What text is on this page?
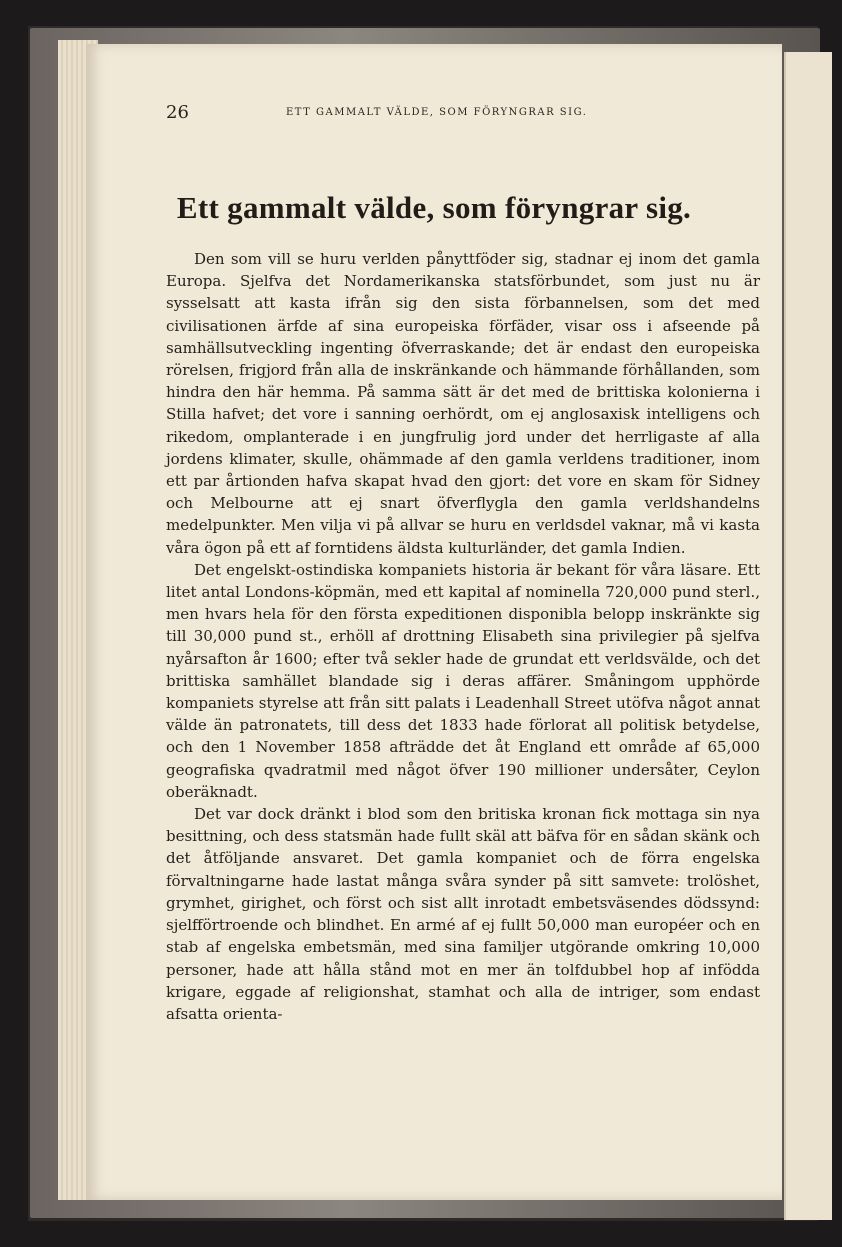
26	ETT GAMMALT VÄLDE, SOM FÖRYNGRAR SIG.
Ett gammalt välde, som föryngrar sig.

Den som vill se huru verlden pånyttföder sig, stadnar ej inom det gamla Europa. Sjelfva det Nordamerikanska statsförbundet, som just nu är sysselsatt att kasta ifrån sig den sista förbannelsen, som det med civilisationen ärfde af sina europeiska förfäder, visar oss i afseende på samhällsutveckling ingenting öfverraskande; det är endast den europeiska rörelsen, frigjord från alla de inskränkande och hämmande förhållanden, som hindra den här hemma. På samma sätt är det med de brittiska kolonierna i Stilla hafvet; det vore i sanning oerhördt, om ej anglosaxisk intelligens och rikedom, omplanterade i en jungfrulig jord under det herrligaste af alla jordens klimater, skulle, ohämmade af den gamla verldens traditioner, inom ett par årtionden hafva skapat hvad den gjort: det vore en skam för Sidney och Melbourne att ej snart öfverflygla den gamla verldshandelns medelpunkter. Men vilja vi på allvar se huru en verldsdel vaknar, må vi kasta våra ögon på ett af forntidens äldsta kulturländer, det gamla Indien.

Det engelskt-ostindiska kompaniets historia är bekant för våra läsare. Ett litet antal Londons-köpmän, med ett kapital af nominella 720,000 pund sterl., men hvars hela för den första expeditionen disponibla belopp inskränkte sig till 30,000 pund st., erhöll af drottning Elisabeth sina privilegier på sjelfva nyårsafton år 1600; efter två sekler hade de grundat ett verldsvälde, och det brittiska samhället blandade sig i deras affärer. Småningom upphörde kompaniets styrelse att från sitt palats i Leadenhall Street utöfva något annat välde än patronatets, till dess det 1833 hade förlorat all politisk betydelse, och den 1 November 1858 afträdde det åt England ett område af 65,000 geografiska qvadratmil med något öfver 190 millioner undersåter, Ceylon oberäknadt.

Det var dock dränkt i blod som den britiska kronan fick mottaga sin nya besittning, och dess statsmän hade fullt skäl att bäfva för en sådan skänk och det åtföljande ansvaret. Det gamla kompaniet och de förra engelska förvaltningarne hade lastat många svåra synder på sitt samvete: trolöshet, grymhet, girighet, och först och sist allt inrotadt embetsväsendes dödssynd: sjelfförtroende och blindhet. En armé af ej fullt 50,000 man européer och en stab af engelska embetsmän, med sina familjer utgörande omkring 10,000 personer, hade att hålla stånd mot en mer än tolfdubbel hop af infödda krigare, eggade af religionshat, stamhat och alla de intriger, som endast afsatta orienta-
